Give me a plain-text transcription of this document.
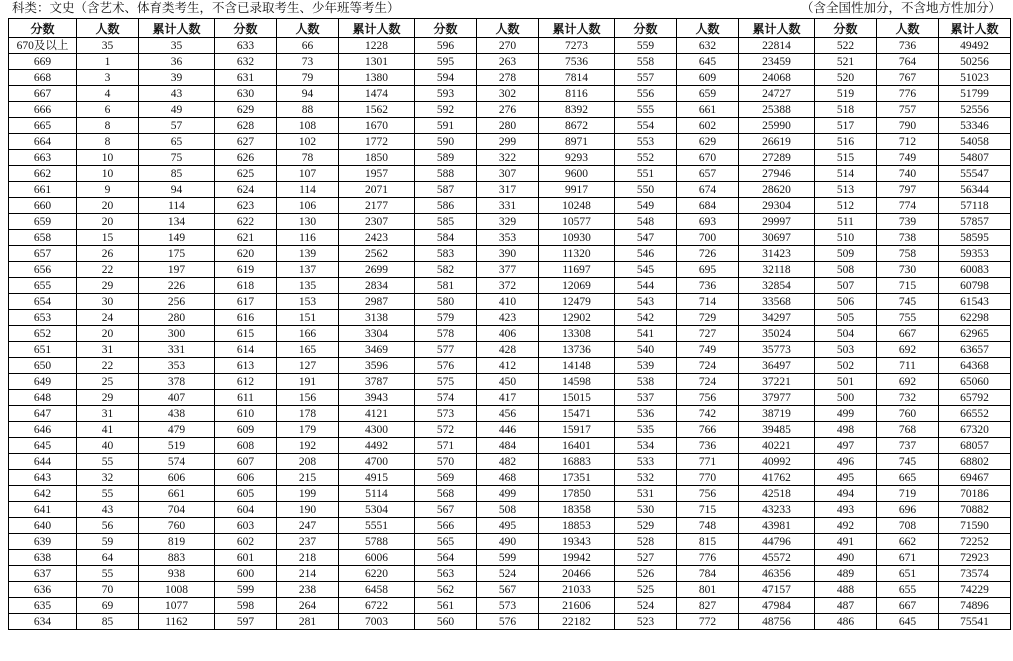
科类：文史（含艺术、体育类考生，不含已录取考生、少年班等考生）	（含全国性加分，不含地方性加分）
分数	人数	累计人数	分数	人数	累计人数	分数	人数	累计人数	分数	人数	累计人数	分数	人数	累计人数
670及以上	35	35	633	66	1228	596	270	7273	559	632	22814	522	736	49492
669	1	36	632	73	1301	595	263	7536	558	645	23459	521	764	50256
668	3	39	631	79	1380	594	278	7814	557	609	24068	520	767	51023
667	4	43	630	94	1474	593	302	8116	556	659	24727	519	776	51799
666	6	49	629	88	1562	592	276	8392	555	661	25388	518	757	52556
665	8	57	628	108	1670	591	280	8672	554	602	25990	517	790	53346
664	8	65	627	102	1772	590	299	8971	553	629	26619	516	712	54058
663	10	75	626	78	1850	589	322	9293	552	670	27289	515	749	54807
662	10	85	625	107	1957	588	307	9600	551	657	27946	514	740	55547
661	9	94	624	114	2071	587	317	9917	550	674	28620	513	797	56344
660	20	114	623	106	2177	586	331	10248	549	684	29304	512	774	57118
659	20	134	622	130	2307	585	329	10577	548	693	29997	511	739	57857
658	15	149	621	116	2423	584	353	10930	547	700	30697	510	738	58595
657	26	175	620	139	2562	583	390	11320	546	726	31423	509	758	59353
656	22	197	619	137	2699	582	377	11697	545	695	32118	508	730	60083
655	29	226	618	135	2834	581	372	12069	544	736	32854	507	715	60798
654	30	256	617	153	2987	580	410	12479	543	714	33568	506	745	61543
653	24	280	616	151	3138	579	423	12902	542	729	34297	505	755	62298
652	20	300	615	166	3304	578	406	13308	541	727	35024	504	667	62965
651	31	331	614	165	3469	577	428	13736	540	749	35773	503	692	63657
650	22	353	613	127	3596	576	412	14148	539	724	36497	502	711	64368
649	25	378	612	191	3787	575	450	14598	538	724	37221	501	692	65060
648	29	407	611	156	3943	574	417	15015	537	756	37977	500	732	65792
647	31	438	610	178	4121	573	456	15471	536	742	38719	499	760	66552
646	41	479	609	179	4300	572	446	15917	535	766	39485	498	768	67320
645	40	519	608	192	4492	571	484	16401	534	736	40221	497	737	68057
644	55	574	607	208	4700	570	482	16883	533	771	40992	496	745	68802
643	32	606	606	215	4915	569	468	17351	532	770	41762	495	665	69467
642	55	661	605	199	5114	568	499	17850	531	756	42518	494	719	70186
641	43	704	604	190	5304	567	508	18358	530	715	43233	493	696	70882
640	56	760	603	247	5551	566	495	18853	529	748	43981	492	708	71590
639	59	819	602	237	5788	565	490	19343	528	815	44796	491	662	72252
638	64	883	601	218	6006	564	599	19942	527	776	45572	490	671	72923
637	55	938	600	214	6220	563	524	20466	526	784	46356	489	651	73574
636	70	1008	599	238	6458	562	567	21033	525	801	47157	488	655	74229
635	69	1077	598	264	6722	561	573	21606	524	827	47984	487	667	74896
634	85	1162	597	281	7003	560	576	22182	523	772	48756	486	645	75541
